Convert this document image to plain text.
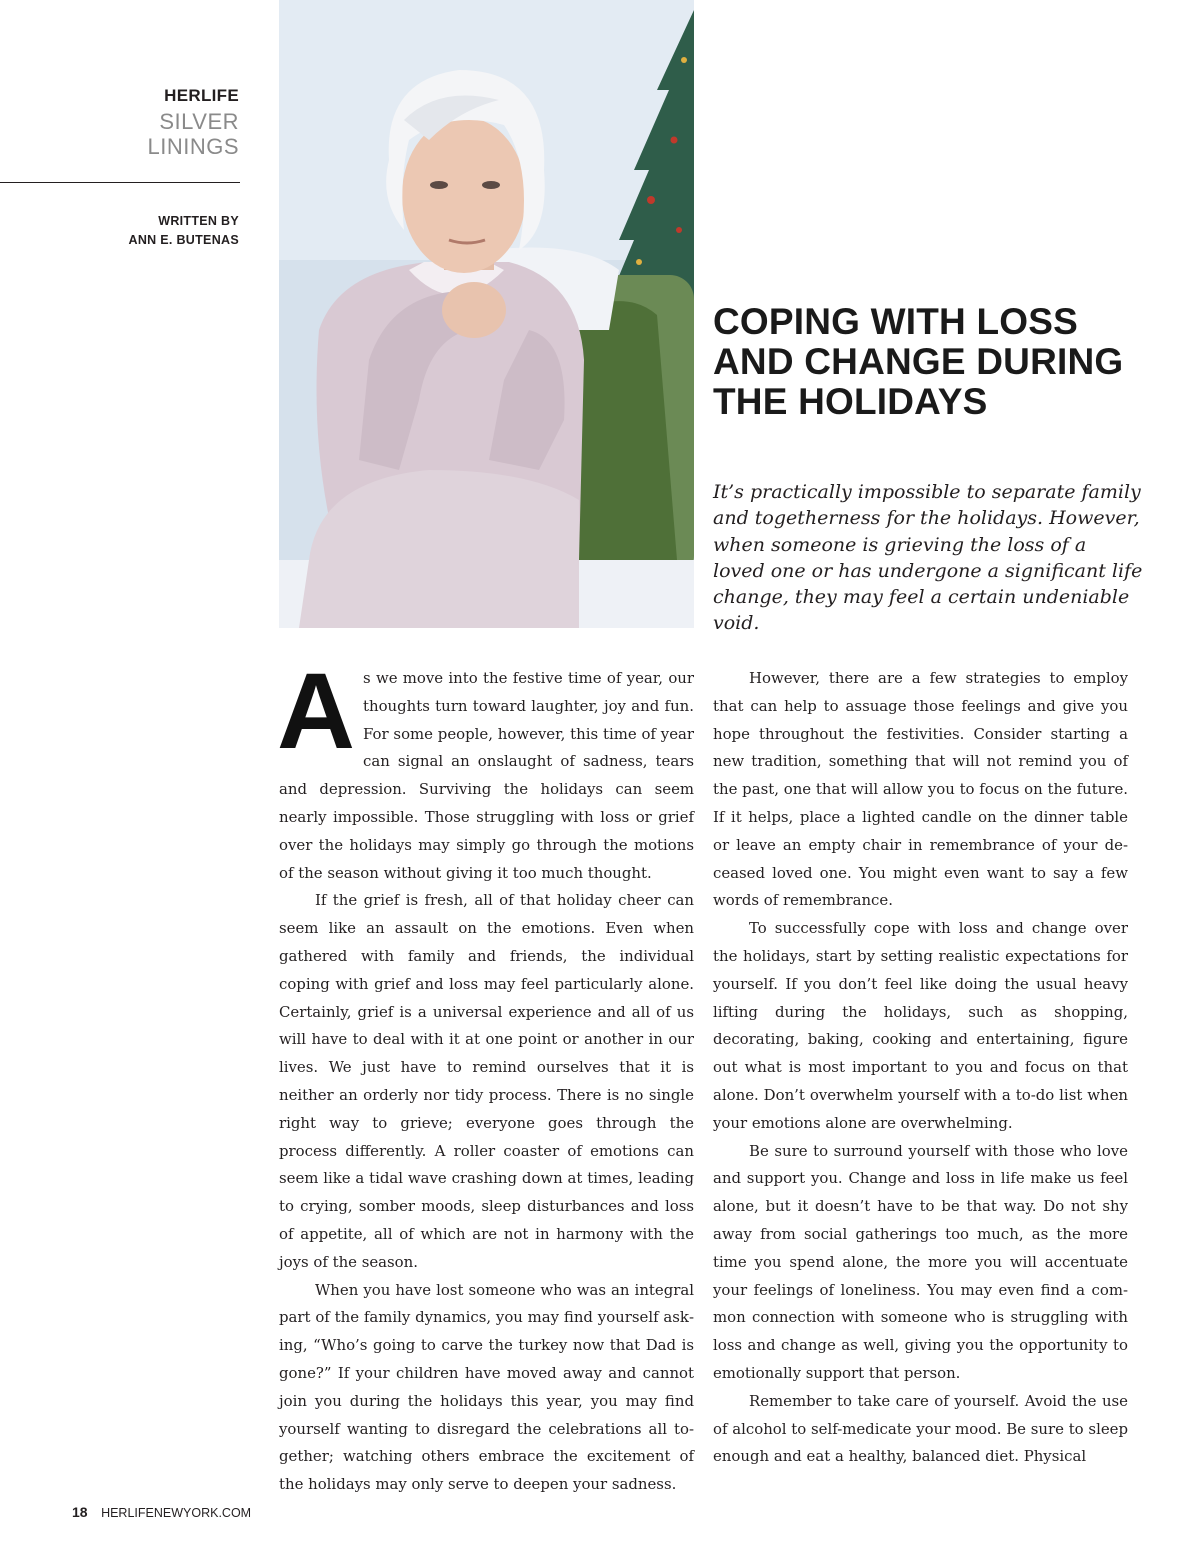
HERLIFE
SILVER
LININGS
WRITTEN BY
ANN E. BUTENAS
COPING WITH LOSS AND CHANGE DURING THE HOLIDAYS

It’s practically impossible to separate family and togetherness for the holidays. However, when someone is grieving the loss of a loved one or has undergone a significant life change, they may feel a certain undeniable void.

As we move into the festive time of year, our thoughts turn toward laughter, joy and fun. For some people, however, this time of year can signal an onslaught of sadness, tears and depression. Surviving the holidays can seem nearly impossible. Those struggling with loss or grief over the holidays may simply go through the motions of the season without giving it too much thought.

If the grief is fresh, all of that holiday cheer can seem like an assault on the emotions. Even when gathered with family and friends, the individual coping with grief and loss may feel particularly alone. Certainly, grief is a universal experience and all of us will have to deal with it at one point or another in our lives. We just have to remind ourselves that it is neither an orderly nor tidy process. There is no single right way to grieve; everyone goes through the process differently. A roller coaster of emotions can seem like a tidal wave crashing down at times, leading to crying, somber moods, sleep disturbances and loss of appetite, all of which are not in harmony with the joys of the season.

When you have lost someone who was an integral part of the family dynamics, you may find yourself asking, “Who’s going to carve the turkey now that Dad is gone?” If your children have moved away and cannot join you during the holidays this year, you may find yourself wanting to disregard the celebrations all together; watching others embrace the excitement of the holidays may only serve to deepen your sadness.

However, there are a few strategies to employ that can help to assuage those feelings and give you hope throughout the festivities. Consider starting a new tradition, something that will not remind you of the past, one that will allow you to focus on the future. If it helps, place a lighted candle on the dinner table or leave an empty chair in remembrance of your deceased loved one. You might even want to say a few words of remembrance.

To successfully cope with loss and change over the holidays, start by setting realistic expectations for yourself. If you don’t feel like doing the usual heavy lifting during the holidays, such as shopping, decorating, baking, cooking and entertaining, figure out what is most important to you and focus on that alone. Don’t overwhelm yourself with a to-do list when your emotions alone are overwhelming.

Be sure to surround yourself with those who love and support you. Change and loss in life make us feel alone, but it doesn’t have to be that way. Do not shy away from social gatherings too much, as the more time you spend alone, the more you will accentuate your feelings of loneliness. You may even find a common connection with someone who is struggling with loss and change as well, giving you the opportunity to emotionally support that person.

Remember to take care of yourself. Avoid the use of alcohol to self-medicate your mood. Be sure to sleep enough and eat a healthy, balanced diet. Physical

18 HERLIFENEWYORK.COM
